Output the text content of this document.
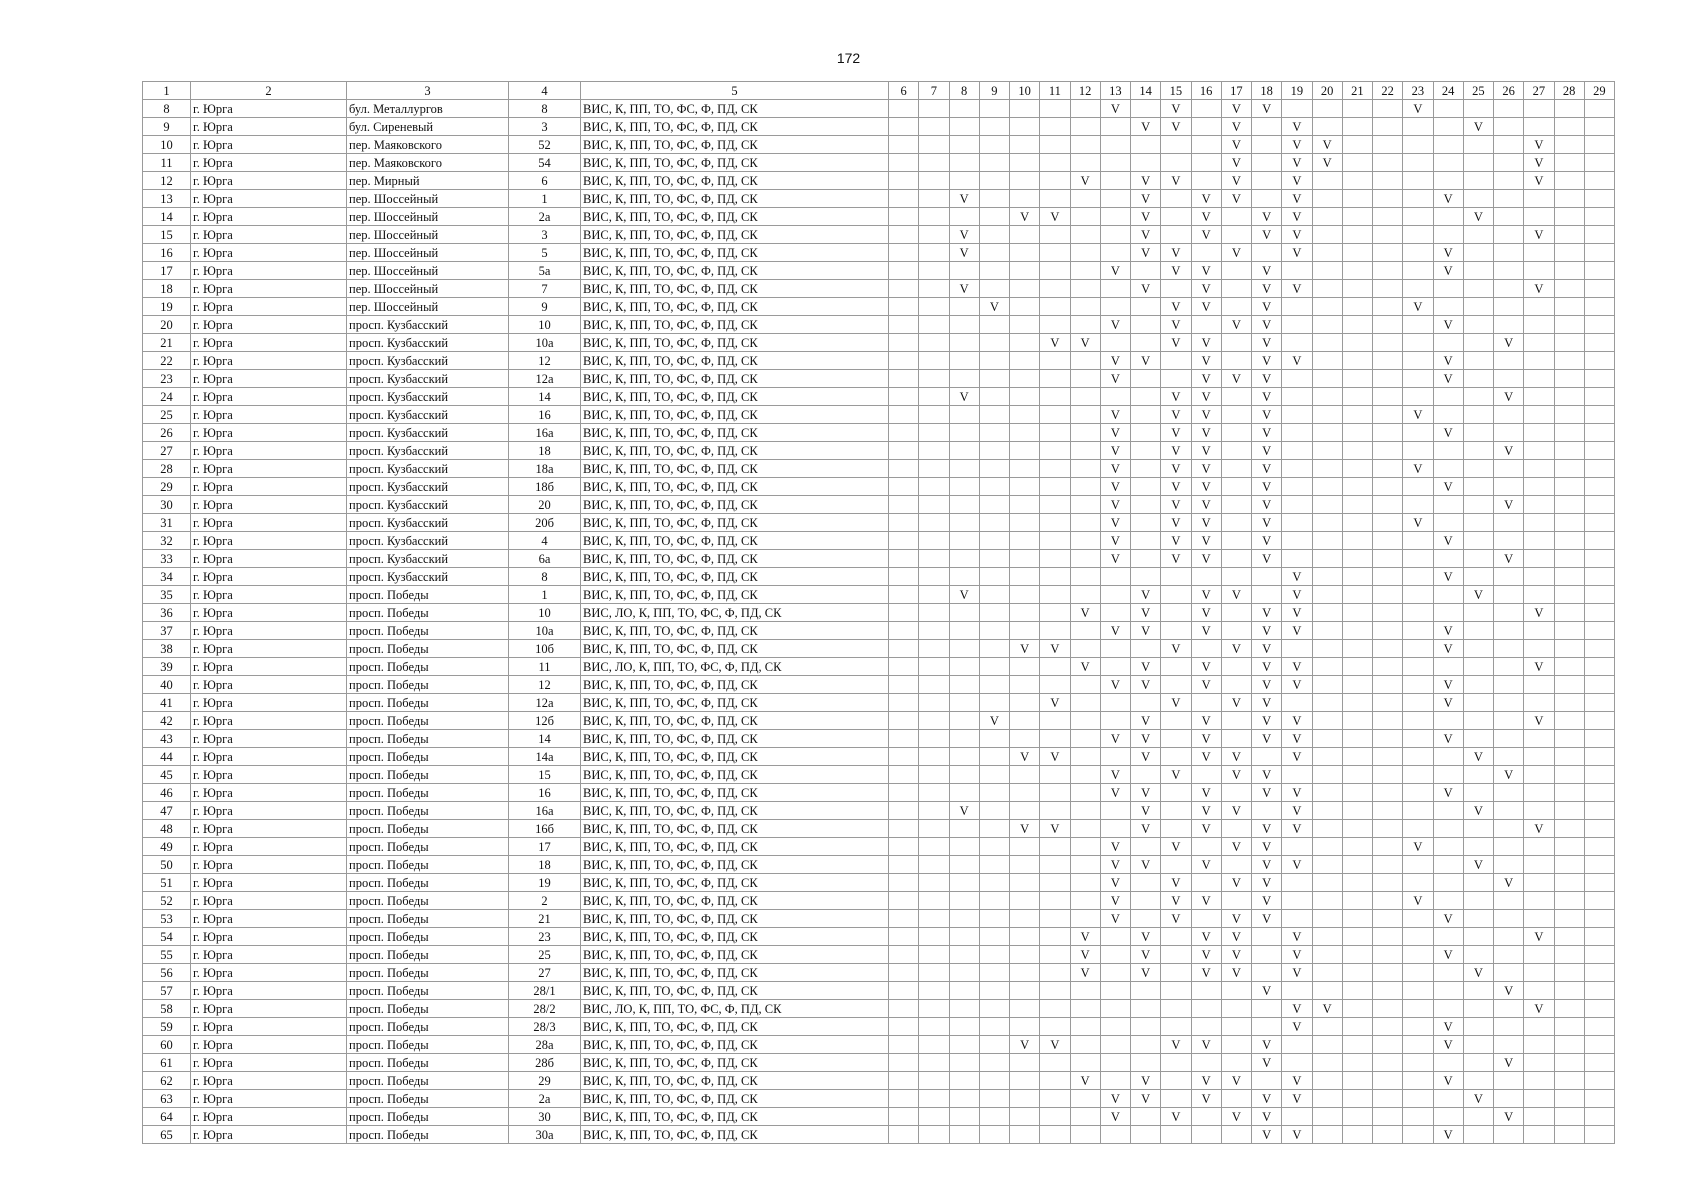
172
1	2	3	4	5	6	7	8	9	10	11	12	13	14	15	16	17	18	19	20	21	22	23	24	25	26	27	28	29
8	г. Юрга	бул. Металлургов	8	ВИС, К, ПП, ТО, ФС, Ф, ПД, СК								V		V		V	V					V						
9	г. Юрга	бул. Сиреневый	3	ВИС, К, ПП, ТО, ФС, Ф, ПД, СК									V	V		V		V						V				
10	г. Юрга	пер. Маяковского	52	ВИС, К, ПП, ТО, ФС, Ф, ПД, СК												V		V	V							V		
11	г. Юрга	пер. Маяковского	54	ВИС, К, ПП, ТО, ФС, Ф, ПД, СК												V		V	V							V		
12	г. Юрга	пер. Мирный	6	ВИС, К, ПП, ТО, ФС, Ф, ПД, СК							V		V	V		V		V								V		
13	г. Юрга	пер. Шоссейный	1	ВИС, К, ПП, ТО, ФС, Ф, ПД, СК			V						V		V	V		V					V					
14	г. Юрга	пер. Шоссейный	2а	ВИС, К, ПП, ТО, ФС, Ф, ПД, СК					V	V			V		V		V	V						V				
15	г. Юрга	пер. Шоссейный	3	ВИС, К, ПП, ТО, ФС, Ф, ПД, СК			V						V		V		V	V								V		
16	г. Юрга	пер. Шоссейный	5	ВИС, К, ПП, ТО, ФС, Ф, ПД, СК			V						V	V		V		V					V					
17	г. Юрга	пер. Шоссейный	5а	ВИС, К, ПП, ТО, ФС, Ф, ПД, СК								V		V	V		V						V					
18	г. Юрга	пер. Шоссейный	7	ВИС, К, ПП, ТО, ФС, Ф, ПД, СК			V						V		V		V	V								V		
19	г. Юрга	пер. Шоссейный	9	ВИС, К, ПП, ТО, ФС, Ф, ПД, СК				V						V	V		V					V						
20	г. Юрга	просп. Кузбасский	10	ВИС, К, ПП, ТО, ФС, Ф, ПД, СК								V		V		V	V						V					
21	г. Юрга	просп. Кузбасский	10а	ВИС, К, ПП, ТО, ФС, Ф, ПД, СК						V	V			V	V		V								V			
22	г. Юрга	просп. Кузбасский	12	ВИС, К, ПП, ТО, ФС, Ф, ПД, СК								V	V		V		V	V					V					
23	г. Юрга	просп. Кузбасский	12а	ВИС, К, ПП, ТО, ФС, Ф, ПД, СК								V			V	V	V						V					
24	г. Юрга	просп. Кузбасский	14	ВИС, К, ПП, ТО, ФС, Ф, ПД, СК			V							V	V		V								V			
25	г. Юрга	просп. Кузбасский	16	ВИС, К, ПП, ТО, ФС, Ф, ПД, СК								V		V	V		V					V						
26	г. Юрга	просп. Кузбасский	16а	ВИС, К, ПП, ТО, ФС, Ф, ПД, СК								V		V	V		V						V					
27	г. Юрга	просп. Кузбасский	18	ВИС, К, ПП, ТО, ФС, Ф, ПД, СК								V		V	V		V								V			
28	г. Юрга	просп. Кузбасский	18а	ВИС, К, ПП, ТО, ФС, Ф, ПД, СК								V		V	V		V					V						
29	г. Юрга	просп. Кузбасский	18б	ВИС, К, ПП, ТО, ФС, Ф, ПД, СК								V		V	V		V						V					
30	г. Юрга	просп. Кузбасский	20	ВИС, К, ПП, ТО, ФС, Ф, ПД, СК								V		V	V		V								V			
31	г. Юрга	просп. Кузбасский	20б	ВИС, К, ПП, ТО, ФС, Ф, ПД, СК								V		V	V		V					V						
32	г. Юрга	просп. Кузбасский	4	ВИС, К, ПП, ТО, ФС, Ф, ПД, СК								V		V	V		V						V					
33	г. Юрга	просп. Кузбасский	6а	ВИС, К, ПП, ТО, ФС, Ф, ПД, СК								V		V	V		V								V			
34	г. Юрга	просп. Кузбасский	8	ВИС, К, ПП, ТО, ФС, Ф, ПД, СК														V					V					
35	г. Юрга	просп. Победы	1	ВИС, К, ПП, ТО, ФС, Ф, ПД, СК			V						V		V	V		V						V				
36	г. Юрга	просп. Победы	10	ВИС, ЛО, К, ПП, ТО, ФС, Ф, ПД, СК							V		V		V		V	V								V		
37	г. Юрга	просп. Победы	10а	ВИС, К, ПП, ТО, ФС, Ф, ПД, СК								V	V		V		V	V					V					
38	г. Юрга	просп. Победы	10б	ВИС, К, ПП, ТО, ФС, Ф, ПД, СК					V	V				V		V	V						V					
39	г. Юрга	просп. Победы	11	ВИС, ЛО, К, ПП, ТО, ФС, Ф, ПД, СК							V		V		V		V	V								V		
40	г. Юрга	просп. Победы	12	ВИС, К, ПП, ТО, ФС, Ф, ПД, СК								V	V		V		V	V					V					
41	г. Юрга	просп. Победы	12а	ВИС, К, ПП, ТО, ФС, Ф, ПД, СК						V				V		V	V						V					
42	г. Юрга	просп. Победы	12б	ВИС, К, ПП, ТО, ФС, Ф, ПД, СК				V					V		V		V	V								V		
43	г. Юрга	просп. Победы	14	ВИС, К, ПП, ТО, ФС, Ф, ПД, СК								V	V		V		V	V					V					
44	г. Юрга	просп. Победы	14а	ВИС, К, ПП, ТО, ФС, Ф, ПД, СК					V	V			V		V	V		V						V				
45	г. Юрга	просп. Победы	15	ВИС, К, ПП, ТО, ФС, Ф, ПД, СК								V		V		V	V								V			
46	г. Юрга	просп. Победы	16	ВИС, К, ПП, ТО, ФС, Ф, ПД, СК								V	V		V		V	V					V					
47	г. Юрга	просп. Победы	16а	ВИС, К, ПП, ТО, ФС, Ф, ПД, СК			V						V		V	V		V						V				
48	г. Юрга	просп. Победы	16б	ВИС, К, ПП, ТО, ФС, Ф, ПД, СК					V	V			V		V		V	V								V		
49	г. Юрга	просп. Победы	17	ВИС, К, ПП, ТО, ФС, Ф, ПД, СК								V		V		V	V					V						
50	г. Юрга	просп. Победы	18	ВИС, К, ПП, ТО, ФС, Ф, ПД, СК								V	V		V		V	V						V				
51	г. Юрга	просп. Победы	19	ВИС, К, ПП, ТО, ФС, Ф, ПД, СК								V		V		V	V								V			
52	г. Юрга	просп. Победы	2	ВИС, К, ПП, ТО, ФС, Ф, ПД, СК								V		V	V		V					V						
53	г. Юрга	просп. Победы	21	ВИС, К, ПП, ТО, ФС, Ф, ПД, СК								V		V		V	V						V					
54	г. Юрга	просп. Победы	23	ВИС, К, ПП, ТО, ФС, Ф, ПД, СК							V		V		V	V		V								V		
55	г. Юрга	просп. Победы	25	ВИС, К, ПП, ТО, ФС, Ф, ПД, СК							V		V		V	V		V					V					
56	г. Юрга	просп. Победы	27	ВИС, К, ПП, ТО, ФС, Ф, ПД, СК							V		V		V	V		V						V				
57	г. Юрга	просп. Победы	28/1	ВИС, К, ПП, ТО, ФС, Ф, ПД, СК													V								V			
58	г. Юрга	просп. Победы	28/2	ВИС, ЛО, К, ПП, ТО, ФС, Ф, ПД, СК														V	V							V		
59	г. Юрга	просп. Победы	28/3	ВИС, К, ПП, ТО, ФС, Ф, ПД, СК														V					V					
60	г. Юрга	просп. Победы	28а	ВИС, К, ПП, ТО, ФС, Ф, ПД, СК					V	V				V	V		V						V					
61	г. Юрга	просп. Победы	28б	ВИС, К, ПП, ТО, ФС, Ф, ПД, СК													V								V			
62	г. Юрга	просп. Победы	29	ВИС, К, ПП, ТО, ФС, Ф, ПД, СК							V		V		V	V		V					V					
63	г. Юрга	просп. Победы	2а	ВИС, К, ПП, ТО, ФС, Ф, ПД, СК								V	V		V		V	V						V				
64	г. Юрга	просп. Победы	30	ВИС, К, ПП, ТО, ФС, Ф, ПД, СК								V		V		V	V								V			
65	г. Юрга	просп. Победы	30а	ВИС, К, ПП, ТО, ФС, Ф, ПД, СК													V	V					V					
